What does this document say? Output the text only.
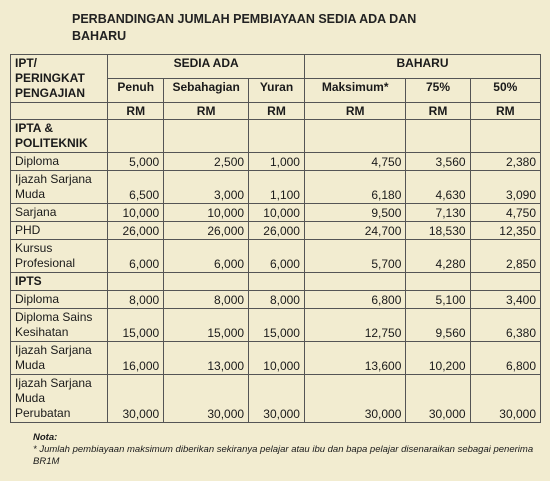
PERBANDINGAN JUMLAH PEMBIAYAAN SEDIA ADA DAN
BAHARU
IPT/
PERINGKAT
PENGAJIAN	SEDIA ADA			BAHARU		
	Penuh	Sebahagian	Yuran	Maksimum*	75%	50%
	RM	RM	RM	RM	RM	RM

IPTA &
POLITEKNIK						

Diploma	5,000	2,500	1,000	4,750	3,560	2,380

Ijazah Sarjana
Muda	6,500	3,000	1,100	6,180	4,630	3,090

Sarjana	10,000	10,000	10,000	9,500	7,130	4,750

PHD	26,000	26,000	26,000	24,700	18,530	12,350

Kursus
Profesional	6,000	6,000	6,000	5,700	4,280	2,850

IPTS						

Diploma	8,000	8,000	8,000	6,800	5,100	3,400

Diploma Sains
Kesihatan	15,000	15,000	15,000	12,750	9,560	6,380

Ijazah Sarjana
Muda	16,000	13,000	10,000	13,600	10,200	6,800

Ijazah Sarjana
Muda
Perubatan	30,000	30,000	30,000	30,000	30,000	30,000
Nota:
* Jumlah pembiayaan maksimum diberikan sekiranya pelajar atau ibu dan bapa pelajar disenaraikan sebagai penerima BR1M
